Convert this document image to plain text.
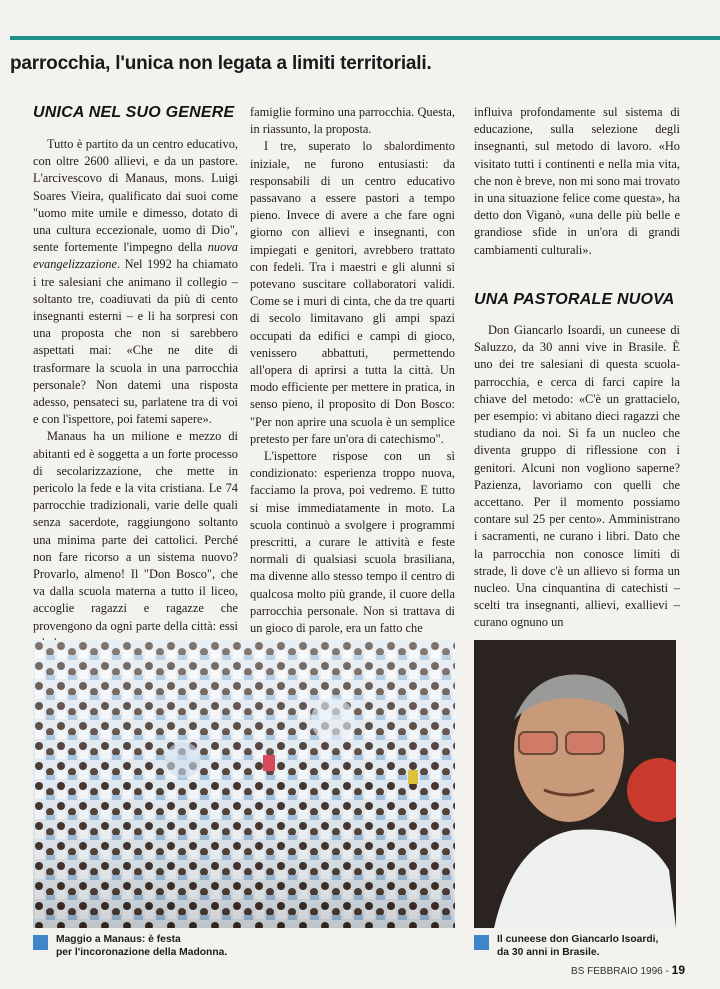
parrocchia, l'unica non legata a limiti territoriali.
UNICA NEL SUO GENERE

Tutto è partito da un centro educativo, con oltre 2600 allievi, e da un pastore. L'arcivescovo di Manaus, mons. Luigi Soares Vieira, qualificato dai suoi come "uomo mite umile e dimesso, dotato di una cultura eccezionale, uomo di Dio", sente fortemente l'impegno della nuova evangelizzazione. Nel 1992 ha chiamato i tre salesiani che animano il collegio – soltanto tre, coadiuvati da più di cento insegnanti esterni – e li ha sorpresi con una proposta che non si sarebbero aspettati mai: «Che ne dite di trasformare la scuola in una parrocchia personale? Non datemi una risposta adesso, pensateci su, parlatene tra di voi e con l'ispettore, poi fatemi sapere».

Manaus ha un milione e mezzo di abitanti ed è soggetta a un forte processo di secolarizzazione, che mette in pericolo la fede e la vita cristiana. Le 74 parrocchie tradizionali, varie delle quali senza sacerdote, raggiungono soltanto una minima parte dei cattolici. Perché non fare ricorso a un sistema nuovo? Provarlo, almeno! Il "Don Bosco", che va dalla scuola materna a tutto il liceo, accoglie ragazzi e ragazze che provengono da ogni parte della città: essi

famiglie formino una parrocchia. Questa, in riassunto, la proposta.

I tre, superato lo sbalordimento iniziale, ne furono entusiasti: da responsabili di un centro educativo passavano a essere pastori a tempo pieno. Invece di avere a che fare ogni giorno con allievi e insegnanti, con impiegati e genitori, avrebbero trattato con fedeli. Tra i maestri e gli alunni si potevano suscitare collaboratori validi. Come se i muri di cinta, che da tre quarti di secolo limitavano gli ampi spazi occupati da edifici e campi di gioco, venissero abbattuti, permettendo all'opera di aprirsi a tutta la città. Un modo efficiente per mettere in pratica, in senso pieno, il proposito di Don Bosco: "Per non aprire una scuola è un semplice pretesto per fare un'ora di catechismo".

L'ispettore rispose con un sì condizionato: esperienza troppo nuova, facciamo la prova, poi vedremo. E tutto si mise immediatamente in moto. La scuola continuò a svolgere i programmi prescritti, a curare le attività e feste normali di qualsiasi scuola brasiliana, ma divenne allo stesso tempo il centro di qualcosa molto più grande, il cuore della parrocchia personale. Non si trattava di un gioco di parole, era un fatto che

influiva profondamente sul sistema di educazione, sulla selezione degli insegnanti, sul metodo di lavoro. «Ho visitato tutti i continenti e nella mia vita, che non è breve, non mi sono mai trovato in una situazione felice come questa», ha detto don Viganò, «una delle più belle e grandiose sfide in un'ora di grandi cambiamenti culturali».

UNA PASTORALE NUOVA

Don Giancarlo Isoardi, un cuneese di Saluzzo, da 30 anni vive in Brasile. È uno dei tre salesiani di questa scuola-parrocchia, e cerca di farci capire la chiave del metodo: «C'è un grattacielo, per esempio: vi abitano dieci ragazzi che studiano da noi. Si fa un nucleo che diventa gruppo di riflessione con i genitori. Alcuni non vogliono saperne? Pazienza, lavoriamo con quelli che accettano. Per il momento possiamo contare sul 25 per cento». Amministrano i sacramenti, ne curano i libri. Dato che la parrocchia non conosce limiti di strade, lì dove c'è un allievo si forma un nucleo. Una cinquantina di catechisti – scelti tra insegnanti, allievi, exallievi – curano ognuno un

Maggio a Manaus: è festa
per l'incoronazione della Madonna.
Il cuneese don Giancarlo Isoardi,
da 30 anni in Brasile.
BS FEBBRAIO 1996 - 19
